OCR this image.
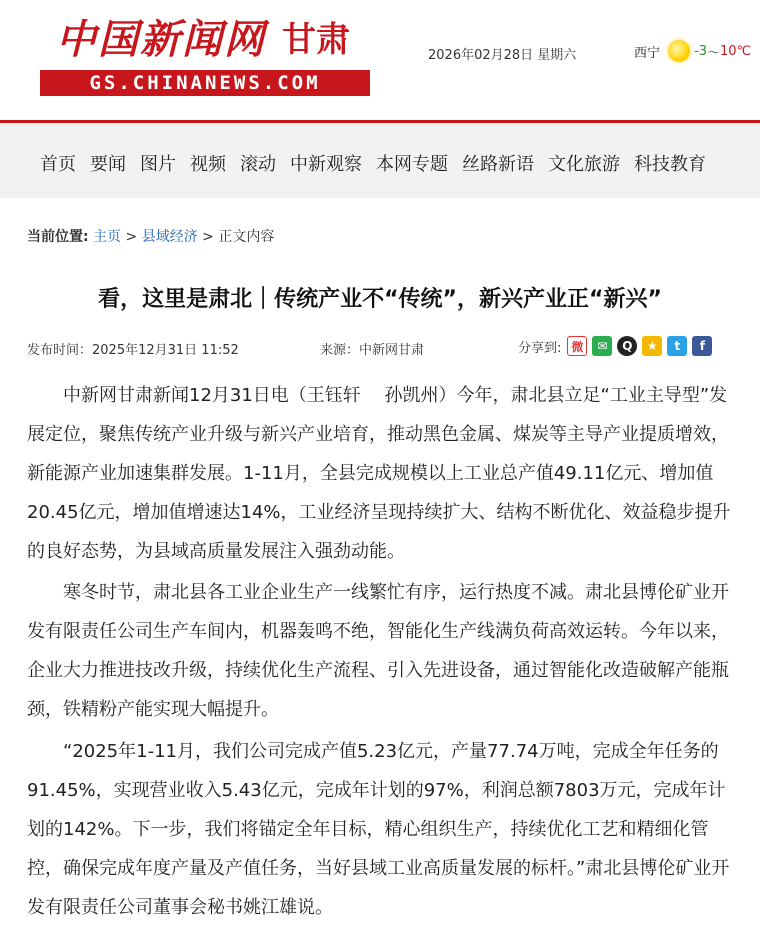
中国新闻网 甘肃
GS.CHINANEWS.COM
2026年02月28日 星期六	西宁	-3 ～ 10℃
首页 要闻 图片 视频 滚动 中新观察 本网专题 丝路新语 文化旅游 科技教育
当前位置: 主页 > 县域经济 > 正文内容
看，这里是肃北｜传统产业不“传统”，新兴产业正“新兴”
发布时间：2025年12月31日 11:52	来源：中新网甘肃	分享到: 微	✉	Q	★	t	f

中新网甘肃新闻12月31日电（王钰轩　 孙凯州）今年，肃北县立足“工业主导型”发展定位，聚焦传统产业升级与新兴产业培育，推动黑色金属、煤炭等主导产业提质增效，新能源产业加速集群发展。1-11月，全县完成规模以上工业总产值49.11亿元、增加值20.45亿元，增加值增速达14%，工业经济呈现持续扩大、结构不断优化、效益稳步提升的良好态势，为县域高质量发展注入强劲动能。

寒冬时节，肃北县各工业企业生产一线繁忙有序，运行热度不减。肃北县博伦矿业开发有限责任公司生产车间内，机器轰鸣不绝，智能化生产线满负荷高效运转。今年以来，企业大力推进技改升级，持续优化生产流程、引入先进设备，通过智能化改造破解产能瓶颈，铁精粉产能实现大幅提升。

“2025年1-11月，我们公司完成产值5.23亿元，产量77.74万吨，完成全年任务的91.45%，实现营业收入5.43亿元，完成年计划的97%，利润总额7803万元，完成年计划的142%。下一步，我们将锚定全年目标，精心组织生产，持续优化工艺和精细化管控，确保完成年度产量及产值任务，当好县域工业高质量发展的标杆。”肃北县博伦矿业开发有限责任公司董事会秘书姚江雄说。
